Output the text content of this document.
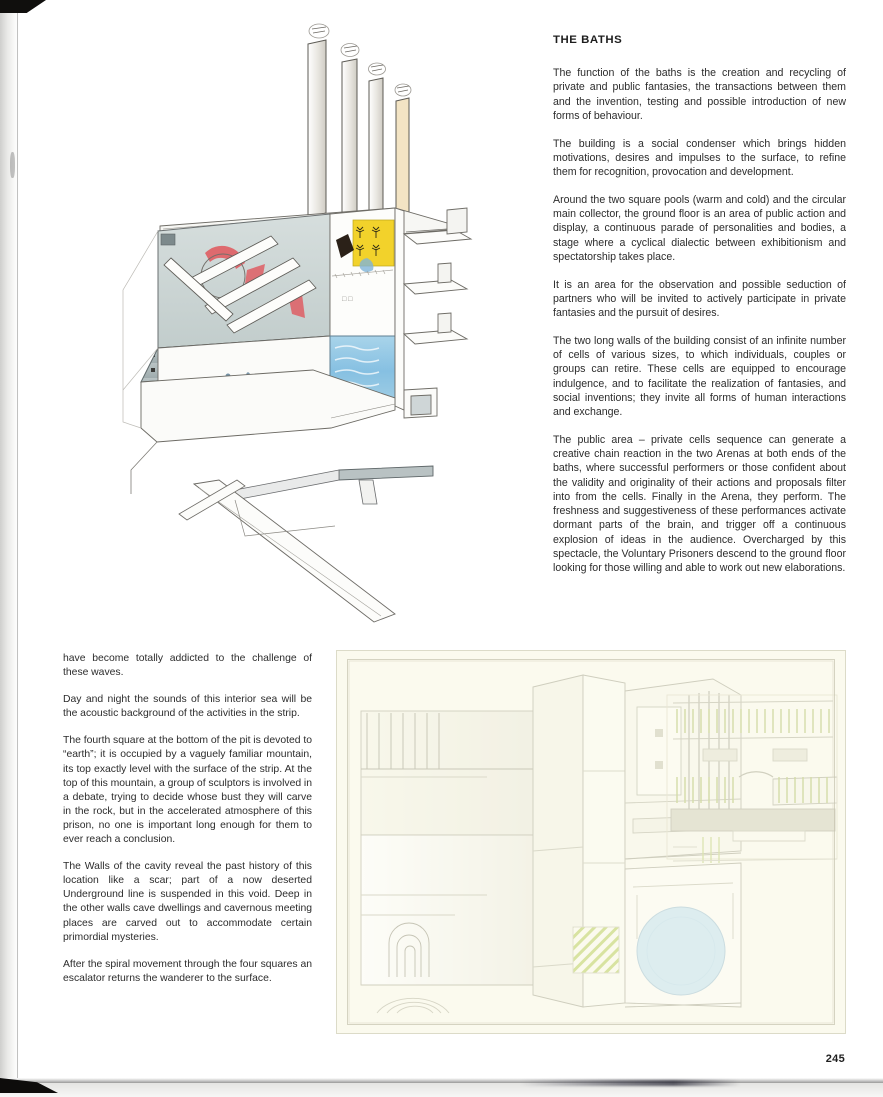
□ □
THE BATHS

The function of the baths is the creation and recycling of private and public fantasies, the transactions between them and the invention, testing and possible introduction of new forms of behaviour.

The building is a social condenser which brings hidden motivations, desires and impulses to the surface, to refine them for recognition, provocation and development.

Around the two square pools (warm and cold) and the circular main collector, the ground floor is an area of public action and display, a continuous parade of personalities and bodies, a stage where a cyclical dialectic between exhibitionism and spectatorship takes place.

It is an area for the observation and possible seduction of partners who will be invited to actively participate in private fantasies and the pursuit of desires.

The two long walls of the building consist of an infinite number of cells of various sizes, to which individuals, couples or groups can retire. These cells are equipped to encourage indulgence, and to facilitate the realization of fantasies, and social inventions; they invite all forms of human interactions and exchange.

The public area – private cells sequence can generate a creative chain reaction in the two Arenas at both ends of the baths, where successful performers or those confident about the validity and originality of their actions and proposals filter into from the cells. Finally in the Arena, they perform. The freshness and suggestiveness of these performances activate dormant parts of the brain, and trigger off a continuous explosion of ideas in the audience. Overcharged by this spectacle, the Voluntary Prisoners descend to the ground floor looking for those willing and able to work out new elaborations.

have become totally addicted to the challenge of these waves.

Day and night the sounds of this interior sea will be the acoustic background of the activities in the strip.

The fourth square at the bottom of the pit is devoted to “earth”; it is occupied by a vaguely familiar mountain, its top exactly level with the surface of the strip. At the top of this mountain, a group of sculptors is involved in a debate, trying to decide whose bust they will carve in the rock, but in the accelerated atmosphere of this prison, no one is important long enough for them to ever reach a conclusion.

The Walls of the cavity reveal the past history of this location like a scar; part of a now deserted Underground line is suspended in this void. Deep in the other walls cave dwellings and cavernous meeting places are carved out to accommodate certain primordial mysteries.

After the spiral movement through the four squares an escalator returns the wanderer to the surface.

245
